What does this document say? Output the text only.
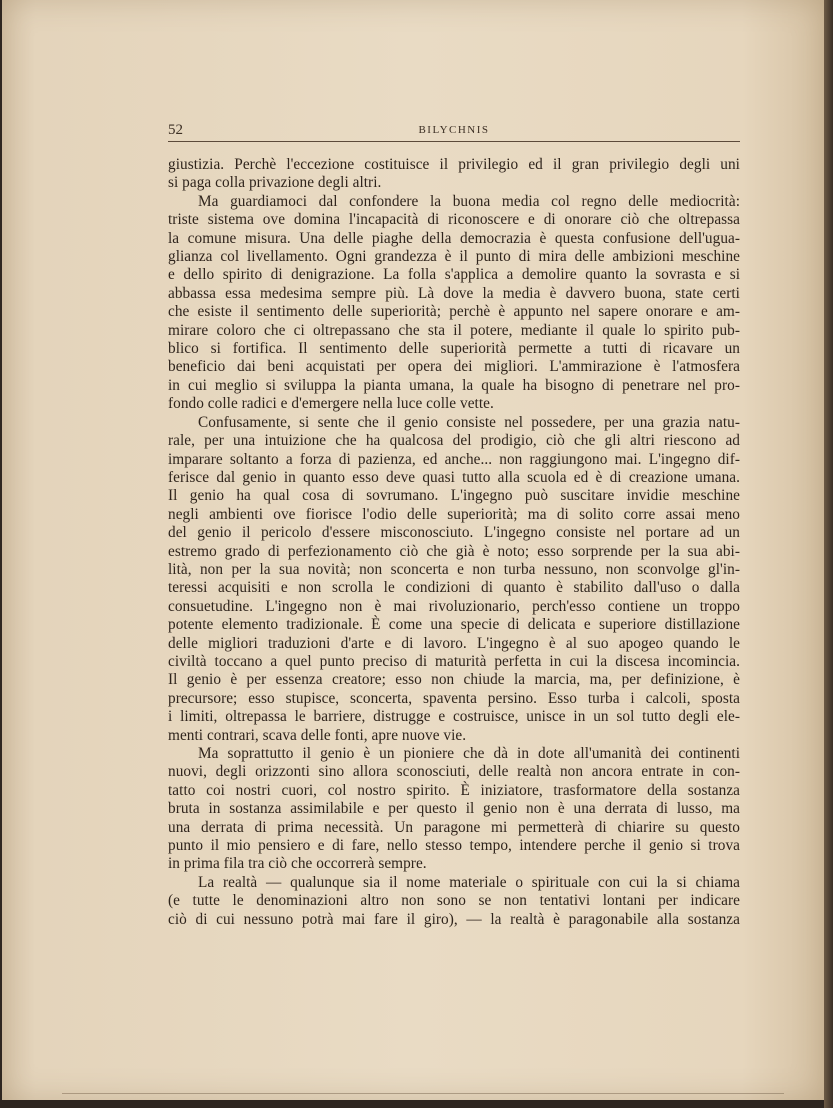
52	BILYCHNIS
giustizia. Perchè l'eccezione costituisce il privilegio ed il gran privilegio degli uni
si paga colla privazione degli altri.
Ma guardiamoci dal confondere la buona media col regno delle mediocrità:
triste sistema ove domina l'incapacità di riconoscere e di onorare ciò che oltrepassa
la comune misura. Una delle piaghe della democrazia è questa confusione dell'ugua-
glianza col livellamento. Ogni grandezza è il punto di mira delle ambizioni meschine
e dello spirito di denigrazione. La folla s'applica a demolire quanto la sovrasta e si
abbassa essa medesima sempre più. Là dove la media è davvero buona, state certi
che esiste il sentimento delle superiorità; perchè è appunto nel sapere onorare e am-
mirare coloro che ci oltrepassano che sta il potere, mediante il quale lo spirito pub-
blico si fortifica. Il sentimento delle superiorità permette a tutti di ricavare un
beneficio dai beni acquistati per opera dei migliori. L'ammirazione è l'atmosfera
in cui meglio si sviluppa la pianta umana, la quale ha bisogno di penetrare nel pro-
fondo colle radici e d'emergere nella luce colle vette.
Confusamente, si sente che il genio consiste nel possedere, per una grazia natu-
rale, per una intuizione che ha qualcosa del prodigio, ciò che gli altri riescono ad
imparare soltanto a forza di pazienza, ed anche... non raggiungono mai. L'ingegno dif-
ferisce dal genio in quanto esso deve quasi tutto alla scuola ed è di creazione umana.
Il genio ha qual cosa di sovrumano. L'ingegno può suscitare invidie meschine
negli ambienti ove fiorisce l'odio delle superiorità; ma di solito corre assai meno
del genio il pericolo d'essere misconosciuto. L'ingegno consiste nel portare ad un
estremo grado di perfezionamento ciò che già è noto; esso sorprende per la sua abi-
lità, non per la sua novità; non sconcerta e non turba nessuno, non sconvolge gl'in-
teressi acquisiti e non scrolla le condizioni di quanto è stabilito dall'uso o dalla
consuetudine. L'ingegno non è mai rivoluzionario, perch'esso contiene un troppo
potente elemento tradizionale. È come una specie di delicata e superiore distillazione
delle migliori traduzioni d'arte e di lavoro. L'ingegno è al suo apogeo quando le
civiltà toccano a quel punto preciso di maturità perfetta in cui la discesa incomincia.
Il genio è per essenza creatore; esso non chiude la marcia, ma, per definizione, è
precursore; esso stupisce, sconcerta, spaventa persino. Esso turba i calcoli, sposta
i limiti, oltrepassa le barriere, distrugge e costruisce, unisce in un sol tutto degli ele-
menti contrari, scava delle fonti, apre nuove vie.
Ma soprattutto il genio è un pioniere che dà in dote all'umanità dei continenti
nuovi, degli orizzonti sino allora sconosciuti, delle realtà non ancora entrate in con-
tatto coi nostri cuori, col nostro spirito. È iniziatore, trasformatore della sostanza
bruta in sostanza assimilabile e per questo il genio non è una derrata di lusso, ma
una derrata di prima necessità. Un paragone mi permetterà di chiarire su questo
punto il mio pensiero e di fare, nello stesso tempo, intendere perche il genio si trova
in prima fila tra ciò che occorrerà sempre.
La realtà — qualunque sia il nome materiale o spirituale con cui la si chiama
(e tutte le denominazioni altro non sono se non tentativi lontani per indicare
ciò di cui nessuno potrà mai fare il giro), — la realtà è paragonabile alla sostanza
